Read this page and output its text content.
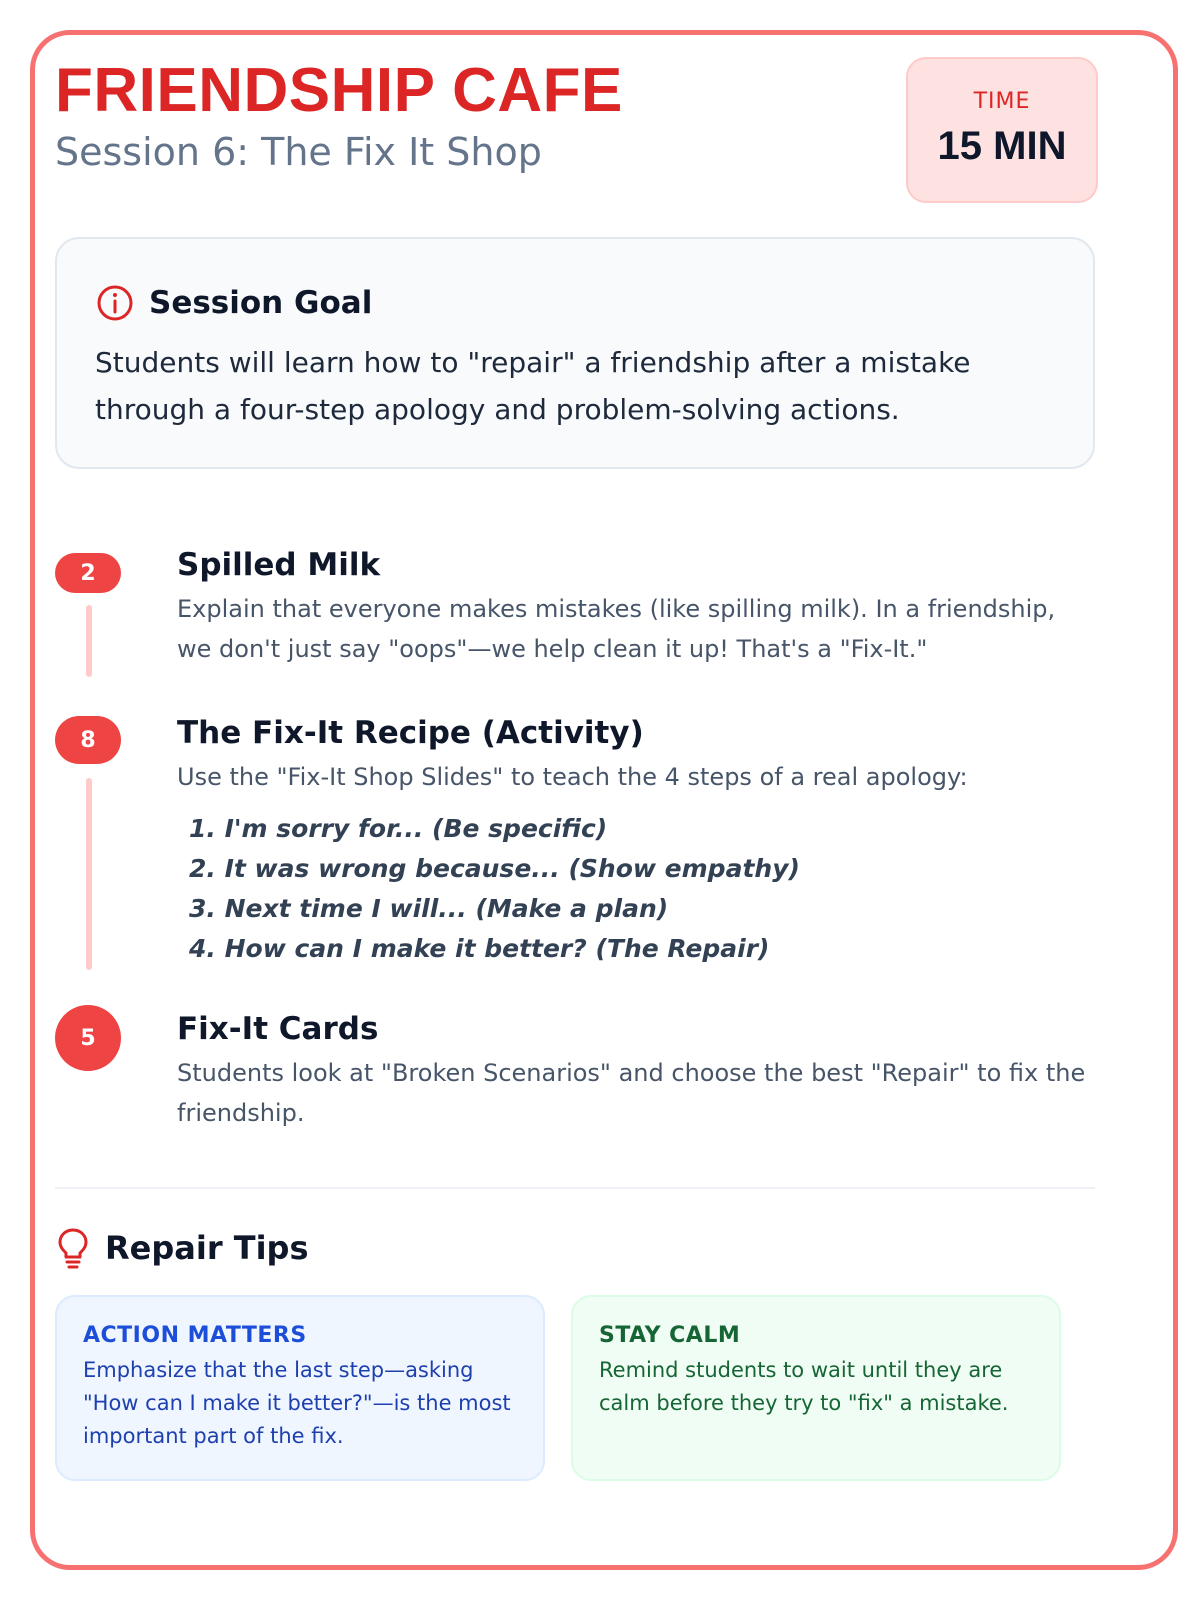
FRIENDSHIP CAFE
Session 6: The Fix It Shop
TIME
15 MIN
Session Goal
Students will learn how to "repair" a friendship after a mistake through a four-step apology and problem-solving actions.
2	Spilled Milk
Explain that everyone makes mistakes (like spilling milk). In a friendship, we don't just say "oops"—we help clean it up! That's a "Fix-It."
8	The Fix-It Recipe (Activity)
Use the "Fix-It Shop Slides" to teach the 4 steps of a real apology:
1. I'm sorry for... (Be specific)
2. It was wrong because... (Show empathy)
3. Next time I will... (Make a plan)
4. How can I make it better? (The Repair)
5	Fix-It Cards
Students look at "Broken Scenarios" and choose the best "Repair" to fix the friendship.
Repair Tips
ACTION MATTERS
Emphasize that the last step—asking "How can I make it better?"—is the most important part of the fix.
STAY CALM
Remind students to wait until they are calm before they try to "fix" a mistake.
